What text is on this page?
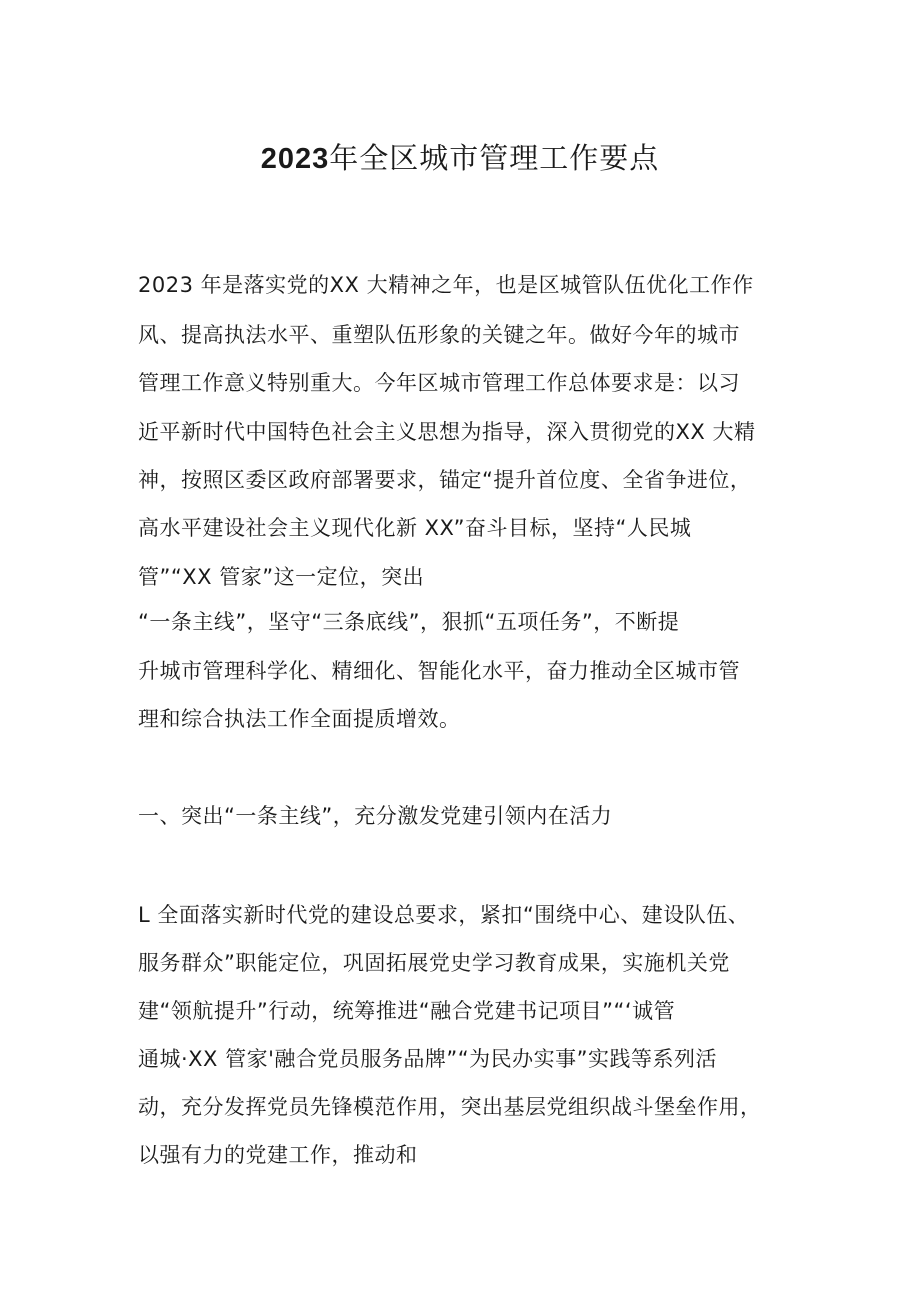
2023年全区城市管理工作要点

2023 年是落实党的XX 大精神之年，也是区城管队伍优化工作作

风、提高执法水平、重塑队伍形象的关键之年。做好今年的城市

管理工作意义特别重大。今年区城市管理工作总体要求是：以习

近平新时代中国特色社会主义思想为指导，深入贯彻党的XX 大精

神，按照区委区政府部署要求，锚定“提升首位度、全省争进位，

高水平建设社会主义现代化新 XX”奋斗目标，坚持“人民城

管”“XX 管家”这一定位，突出

“一条主线”，坚守“三条底线”，狠抓“五项任务”，不断提

升城市管理科学化、精细化、智能化水平，奋力推动全区城市管

理和综合执法工作全面提质增效。

一、突出“一条主线”，充分激发党建引领内在活力

L 全面落实新时代党的建设总要求，紧扣“围绕中心、建设队伍、

服务群众”职能定位，巩固拓展党史学习教育成果，实施机关党

建“领航提升”行动，统筹推进“融合党建书记项目”“‘诚管

通城·XX 管家'融合党员服务品牌”“为民办实事”实践等系列活

动，充分发挥党员先锋模范作用，突出基层党组织战斗堡垒作用，

以强有力的党建工作，推动和
